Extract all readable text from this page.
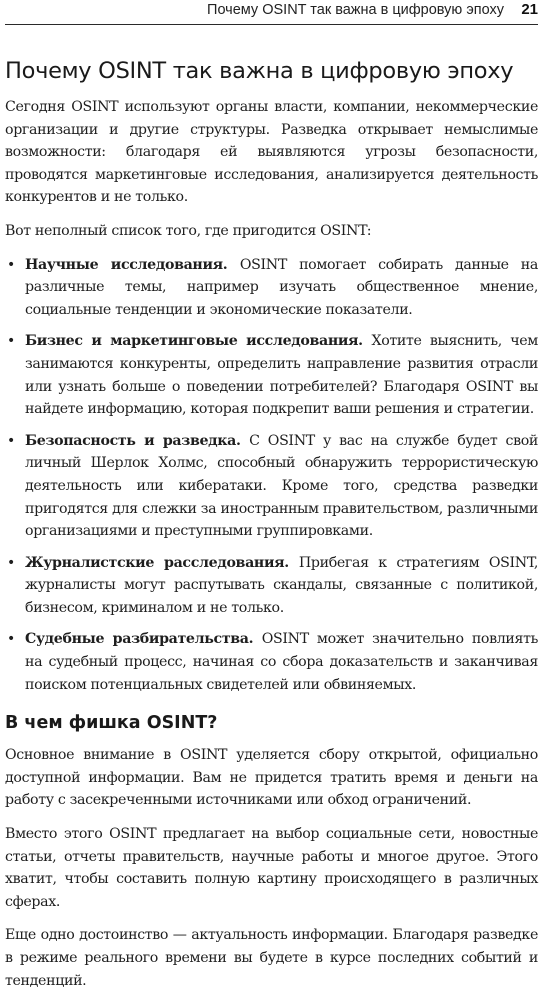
Почему OSINT так важна в цифровую эпоху 21
Почему OSINT так важна в цифровую эпоху

Сегодня OSINT используют органы власти, компании, некоммерческие организации и другие структуры. Разведка открывает немыслимые возможности: благодаря ей выявляются угрозы безопасности, проводятся маркетинговые исследования, анализируется деятельность конкурентов и не только.

Вот неполный список того, где пригодится OSINT:

• Научные исследования. OSINT помогает собирать данные на различные темы, например изучать общественное мнение, социальные тенденции и экономические показатели.
• Бизнес и маркетинговые исследования. Хотите выяснить, чем занимаются конкуренты, определить направление развития отрасли или узнать больше о поведении потребителей? Благодаря OSINT вы найдете информацию, которая подкрепит ваши решения и стратегии.
• Безопасность и разведка. С OSINT у вас на службе будет свой личный Шерлок Холмс, способный обнаружить террористическую деятельность или кибератаки. Кроме того, средства разведки пригодятся для слежки за иностранным правительством, различными организациями и преступными группировками.
• Журналистские расследования. Прибегая к стратегиям OSINT, журналисты могут распутывать скандалы, связанные с политикой, бизнесом, криминалом и не только.
• Судебные разбирательства. OSINT может значительно повлиять на судебный процесс, начиная со сбора доказательств и заканчивая поиском потенциальных свидетелей или обвиняемых.
В чем фишка OSINT?

Основное внимание в OSINT уделяется сбору открытой, официально доступной информации. Вам не придется тратить время и деньги на работу с засекреченными источниками или обход ограничений.

Вместо этого OSINT предлагает на выбор социальные сети, новостные статьи, отчеты правительств, научные работы и многое другое. Этого хватит, чтобы составить полную картину происходящего в различных сферах.

Еще одно достоинство — актуальность информации. Благодаря разведке в режиме реального времени вы будете в курсе последних событий и тенденций.
